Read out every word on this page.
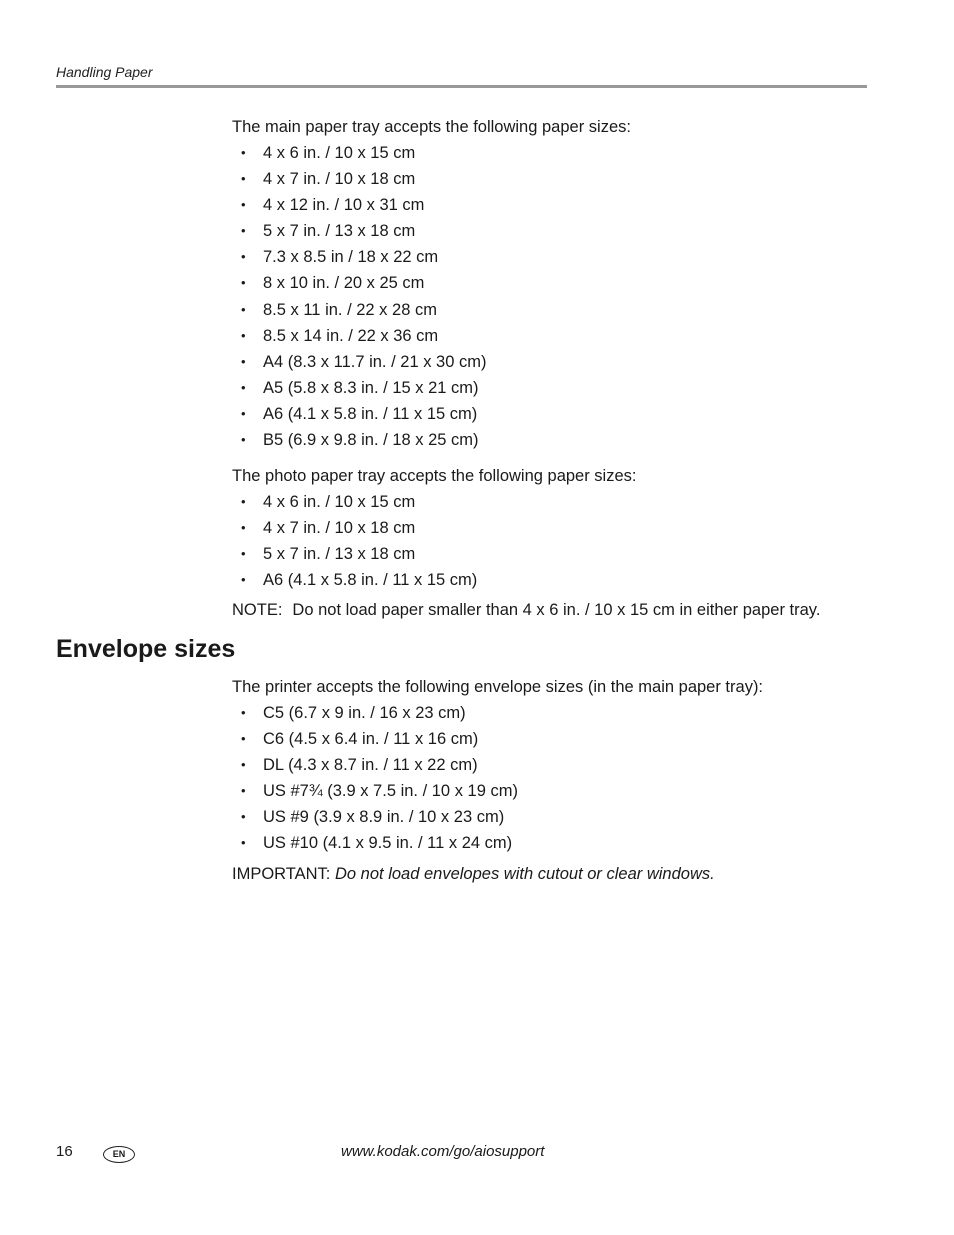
Handling Paper

The main paper tray accepts the following paper sizes:

• 4 x 6 in. / 10 x 15 cm
• 4 x 7 in. / 10 x 18 cm
• 4 x 12 in. / 10 x 31 cm
• 5 x 7 in. / 13 x 18 cm
• 7.3 x 8.5 in / 18 x 22 cm
• 8 x 10 in. / 20 x 25 cm
• 8.5 x 11 in. / 22 x 28 cm
• 8.5 x 14 in. / 22 x 36 cm
• A4 (8.3 x 11.7 in. / 21 x 30 cm)
• A5 (5.8 x 8.3 in. / 15 x 21 cm)
• A6 (4.1 x 5.8 in. / 11 x 15 cm)
• B5 (6.9 x 9.8 in. / 18 x 25 cm)

The photo paper tray accepts the following paper sizes:

• 4 x 6 in. / 10 x 15 cm
• 4 x 7 in. / 10 x 18 cm
• 5 x 7 in. / 13 x 18 cm
• A6 (4.1 x 5.8 in. / 11 x 15 cm)
NOTE: Do not load paper smaller than 4 x 6 in. / 10 x 15 cm in either paper tray.
Envelope sizes

The printer accepts the following envelope sizes (in the main paper tray):

• C5 (6.7 x 9 in. / 16 x 23 cm)
• C6 (4.5 x 6.4 in. / 11 x 16 cm)
• DL (4.3 x 8.7 in. / 11 x 22 cm)
• US #7¾ (3.9 x 7.5 in. / 10 x 19 cm)
• US #9 (3.9 x 8.9 in. / 10 x 23 cm)
• US #10 (4.1 x 9.5 in. / 11 x 24 cm)
IMPORTANT: Do not load envelopes with cutout or clear windows.
16	EN	www.kodak.com/go/aiosupport
